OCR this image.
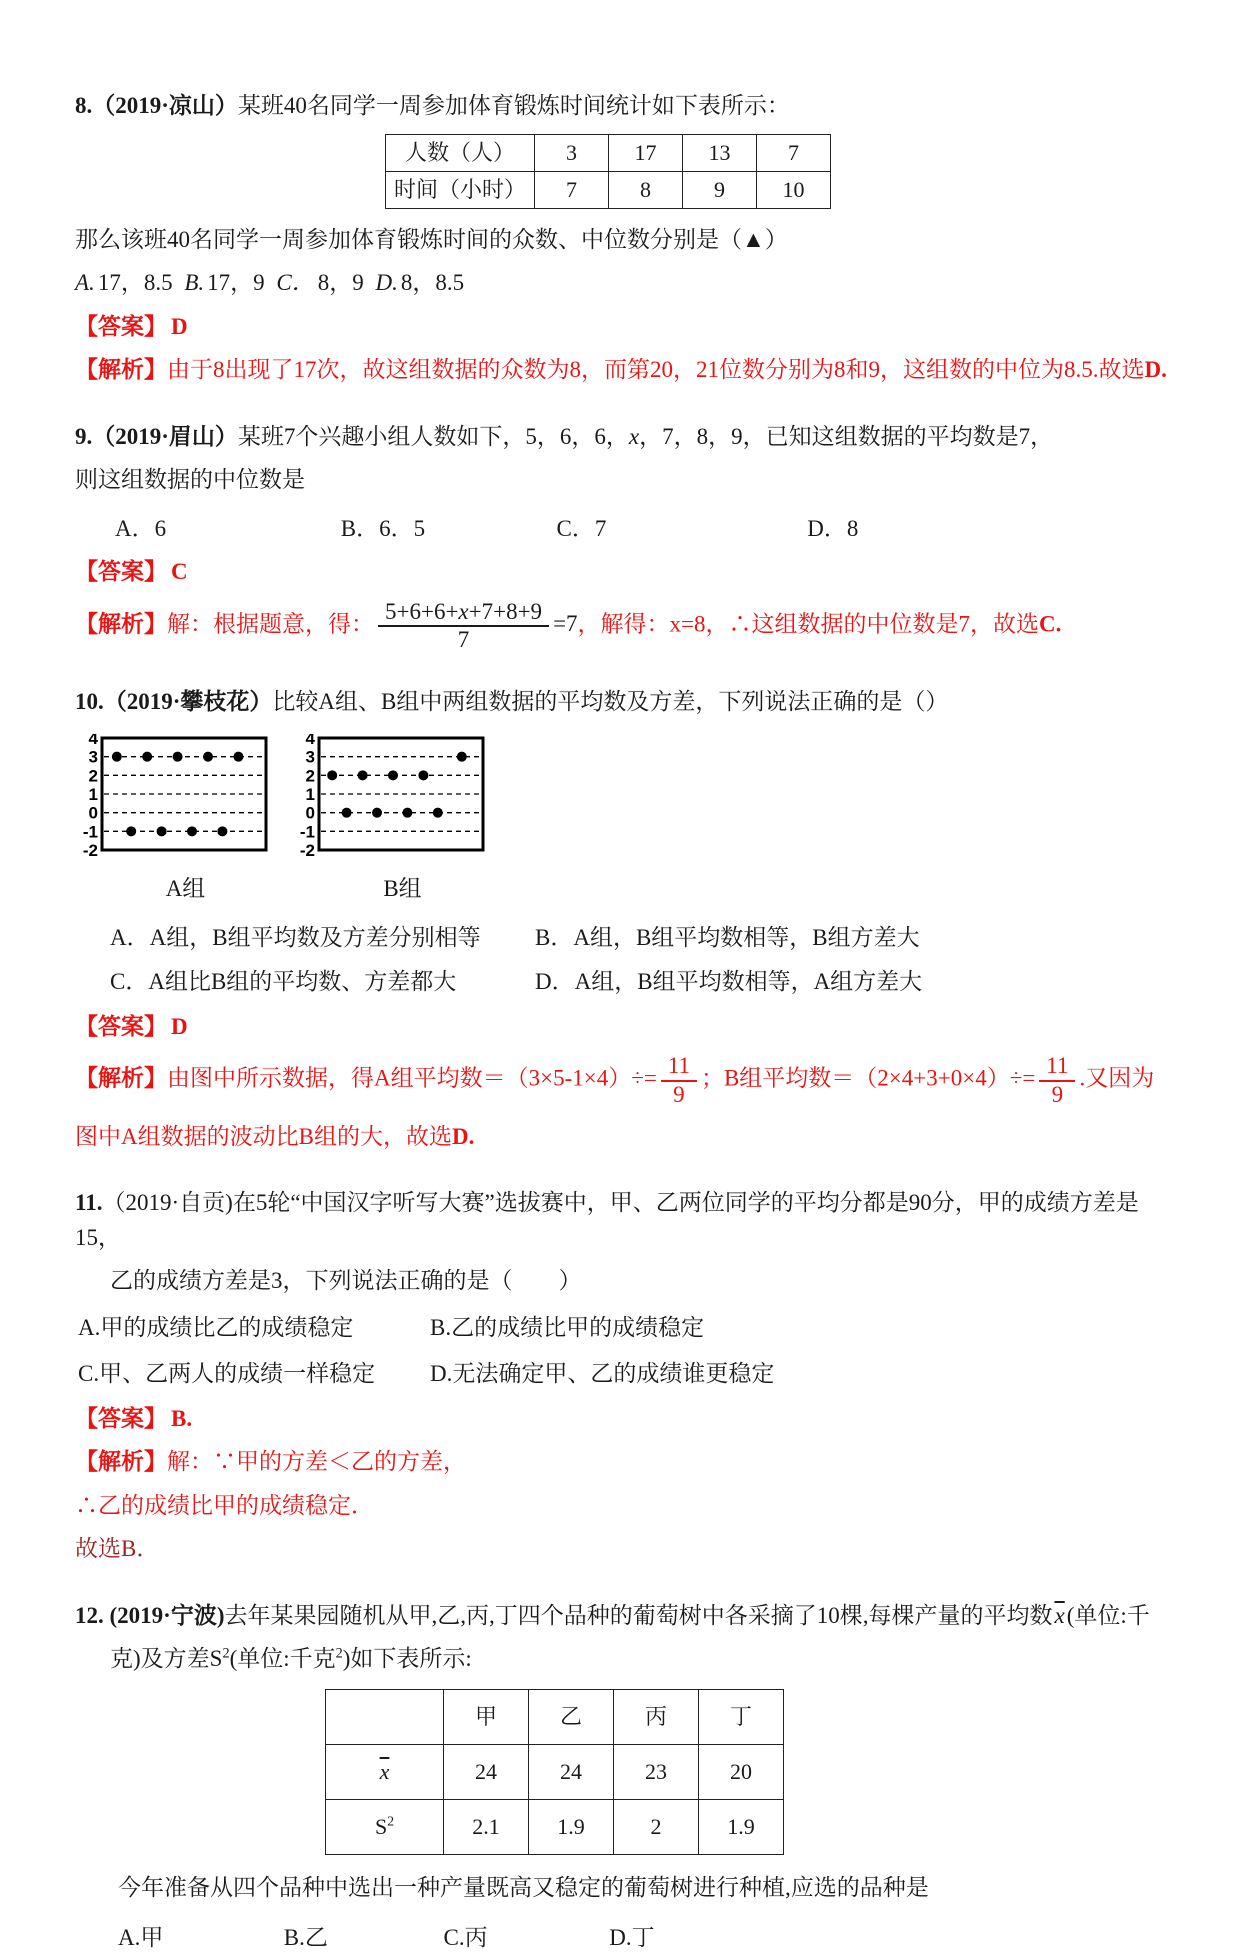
8.（2019·凉山）某班40名同学一周参加体育锻炼时间统计如下表所示：

人数（人）	3	17	13	7
时间（小时）	7	8	9	10

那么该班40名同学一周参加体育锻炼时间的众数、中位数分别是（▲）

A. 17，8.5 B. 17，9 C． 8，9 D. 8，8.5

【答案】 D

【解析】由于8出现了17次，故这组数据的众数为8，而第20，21位数分别为8和9，这组数的中位为8.5.故选D.

9.（2019·眉山）某班7个兴趣小组人数如下，5，6，6，x，7，8，9，已知这组数据的平均数是7，

则这组数据的中位数是

A．6	B．6．5	C．7	D．8

【答案】 C

【解析】解：根据题意，得： $\frac{5+6+6+x+7+8+9}{7} =7$，解得：x=8，∴这组数据的中位数是7，故选C.

10.（2019·攀枝花）比较A组、B组中两组数据的平均数及方差，下列说法正确的是（）

4
3
2
1
0
-1
-2
A组
4
3
2
1
0
-1
-2
B组
A．A组，B组平均数及方差分别相等	B．A组，B组平均数相等，B组方差大
C．A组比B组的平均数、方差都大	D．A组，B组平均数相等，A组方差大

【答案】 D

【解析】由图中所示数据，得A组平均数$=(3\times 5-1\times 4)\div= \frac{11}{9}$ ；B组平均数$=(2\times 4+3+0\times 4)\div= \frac{11}{9}$ .又因为

图中A组数据的波动比B组的大，故选D.

11.（2019·自贡)在5轮“中国汉字听写大赛”选拔赛中，甲、乙两位同学的平均分都是90分，甲的成绩方差是15，

乙的成绩方差是3，下列说法正确的是（　　）

A.甲的成绩比乙的成绩稳定	B.乙的成绩比甲的成绩稳定
C.甲、乙两人的成绩一样稳定	D.无法确定甲、乙的成绩谁更稳定

【答案】 B.

【解析】解：∵甲的方差＜乙的方差，

∴乙的成绩比甲的成绩稳定．

故选B．

12. (2019·宁波)去年某果园随机从甲,乙,丙,丁四个品种的葡萄树中各采摘了10棵,每棵产量的平均数$\overline{x}$(单位:千

克)及方差$S^2$(单位:千克$^2$)如下表所示:

	甲	乙	丙	丁
$\overline{x}$	24	24	23	20
$S^2$	2.1	1.9	2	1.9

今年准备从四个品种中选出一种产量既高又稳定的葡萄树进行种植,应选的品种是

A.甲	B.乙	C.丙	D.丁
